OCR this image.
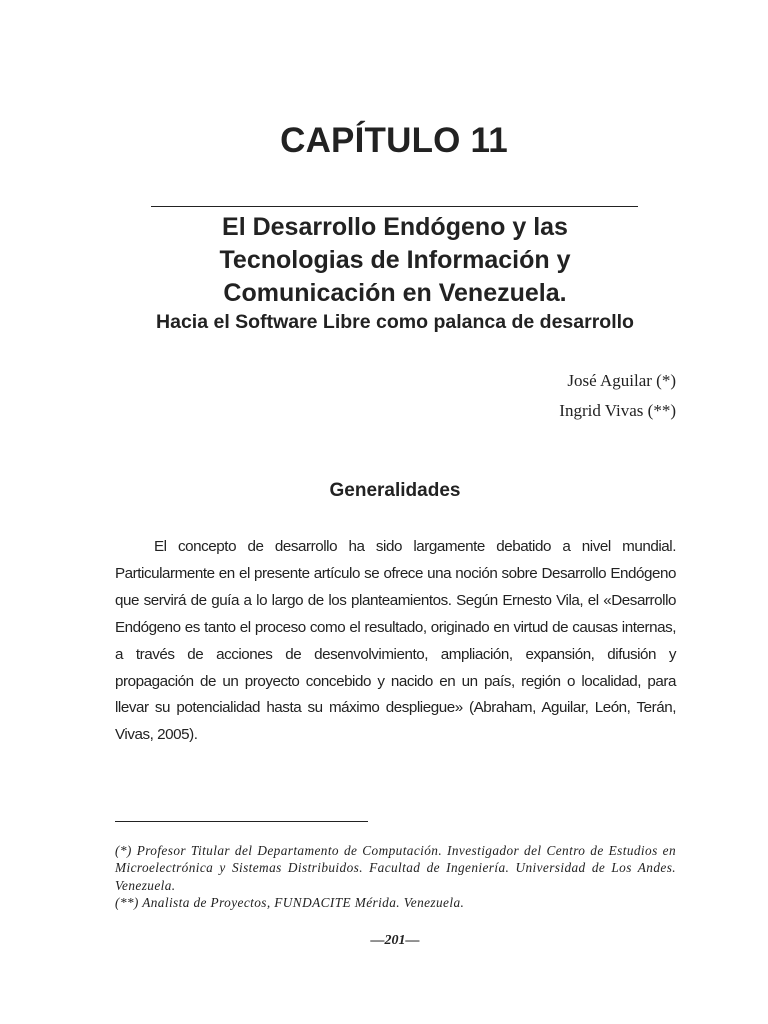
CAPÍTULO 11
El Desarrollo Endógeno y las
Tecnologias de Información y
Comunicación en Venezuela.
Hacia el Software Libre como palanca de desarrollo
José Aguilar (*)
Ingrid Vivas (**)
Generalidades

El concepto de desarrollo ha sido largamente debatido a nivel mundial. Particularmente en el presente artículo se ofrece una noción sobre Desarrollo Endógeno que servirá de guía a lo largo de los planteamientos. Según Ernesto Vila, el «Desarrollo Endógeno es tanto el proceso como el resultado, originado en virtud de causas internas, a través de acciones de desenvolvimiento, ampliación, expansión, difusión y propagación de un proyecto concebido y nacido en un país, región o localidad, para llevar su potencialidad hasta su máximo despliegue» (Abraham, Aguilar, León, Terán, Vivas, 2005).

(*) Profesor Titular del Departamento de Computación. Investigador del Centro de Estudios en Microelectrónica y Sistemas Distribuidos. Facultad de Ingeniería. Universidad de Los Andes. Venezuela.
(**) Analista de Proyectos, FUNDACITE Mérida. Venezuela.
—201—
